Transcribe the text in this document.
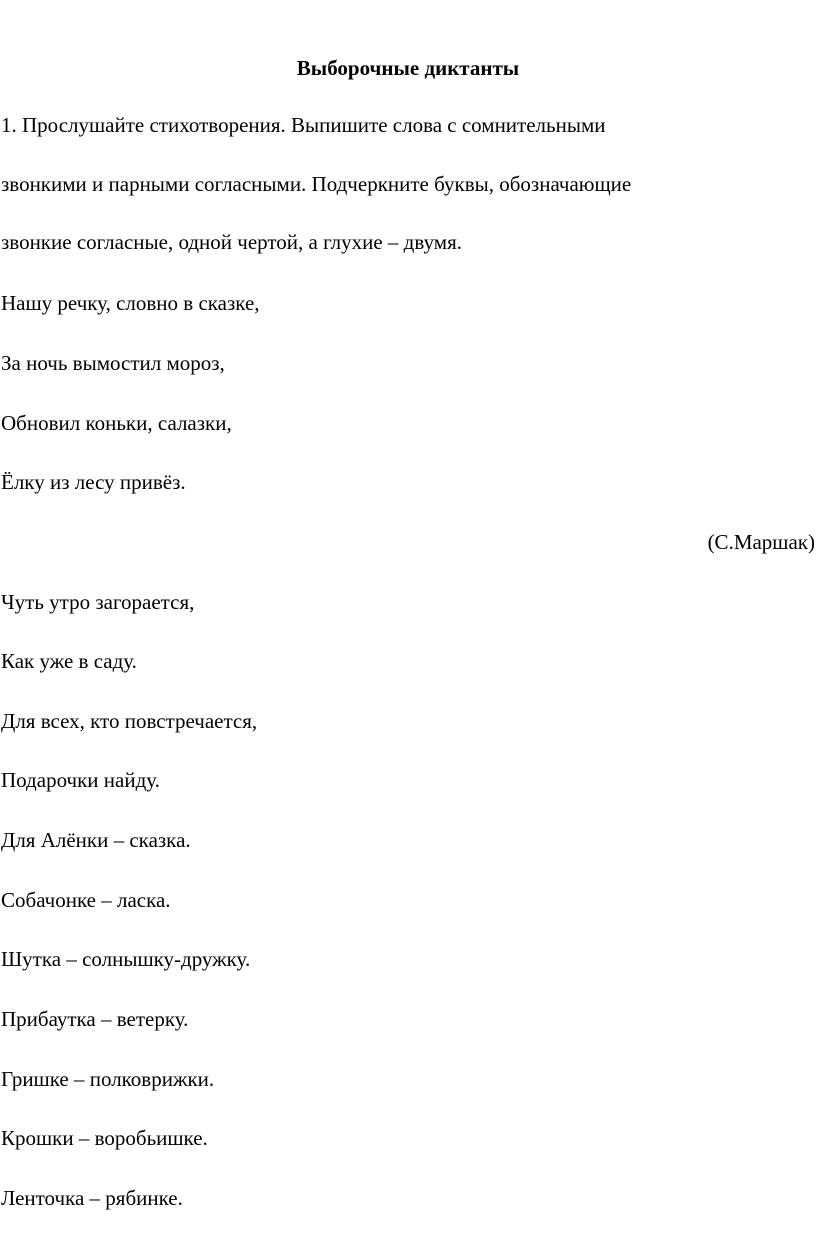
Выборочные диктанты
1. Прослушайте стихотворения. Выпишите слова с сомнительными
звонкими и парными согласными. Подчеркните буквы, обозначающие
звонкие согласные, одной чертой, а глухие – двумя.
Нашу речку, словно в сказке,
За ночь вымостил мороз,
Обновил коньки, салазки,
Ёлку из лесу привёз.
(С.Маршак)
Чуть утро загорается,
Как уже в саду.
Для всех, кто повстречается,
Подарочки найду.
Для Алёнки – сказка.
Собачонке – ласка.
Шутка – солнышку-дружку.
Прибаутка – ветерку.
Гришке – полковрижки.
Крошки – воробьишке.
Ленточка – рябинке.
